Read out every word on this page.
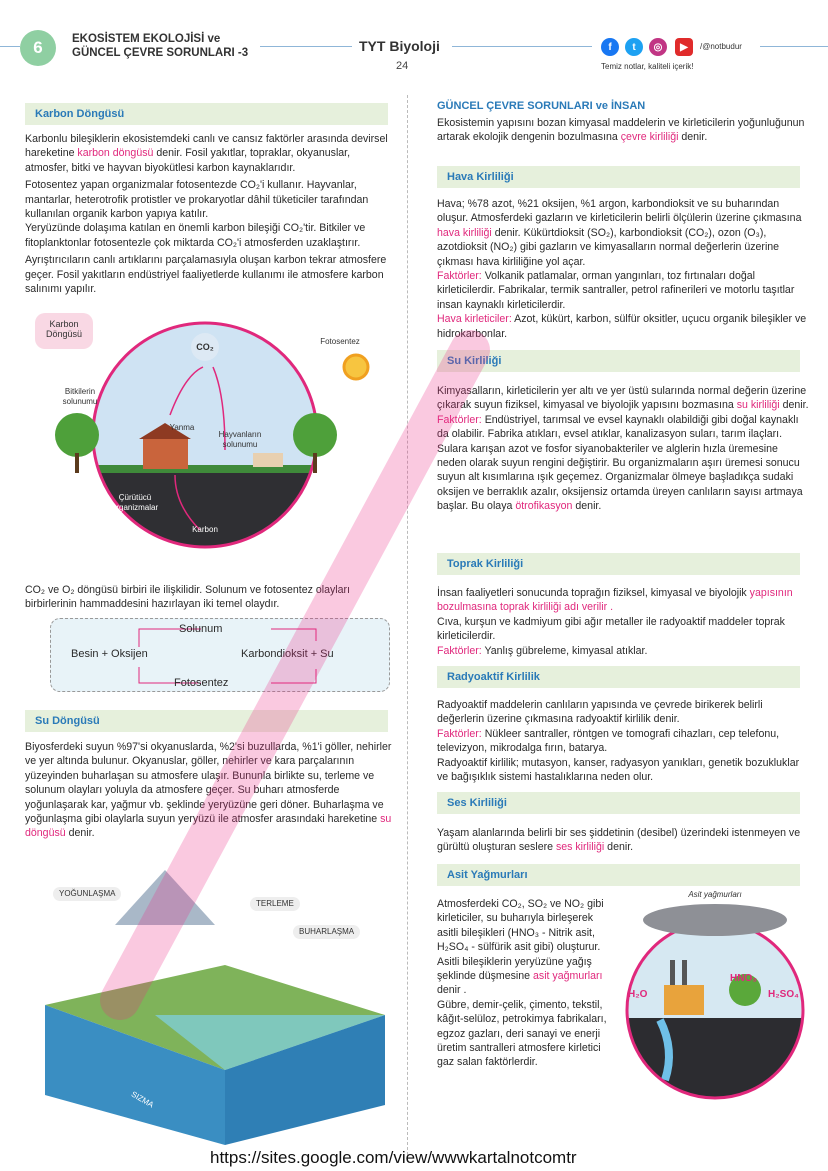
6	EKOSİSTEM EKOLOJİSİ ve
GÜNCEL ÇEVRE SORUNLARI -3	TYT Biyoloji
24
f	t	◎	▶	/@notbudur
Temiz notlar, kaliteli içerik!
Karbon Döngüsü

Karbonlu bileşiklerin ekosistemdeki canlı ve cansız faktörler arasında devirsel hareketine karbon döngüsü denir. Fosil yakıtlar, topraklar, okyanuslar, atmosfer, bitki ve hayvan biyokütlesi karbon kaynaklarıdır.

Fotosentez yapan organizmalar fotosentezde CO₂'i kullanır. Hayvanlar, mantarlar, heterotrofik protistler ve prokaryotlar dâhil tüketiciler tarafından kullanılan organik karbon yapıya katılır.

Yeryüzünde dolaşıma katılan en önemli karbon bileşiği CO₂'tir. Bitkiler ve fitoplanktonlar fotosentezle çok miktarda CO₂'i atmosferden uzaklaştırır.

Ayrıştırıcıların canlı artıklarını parçalamasıyla oluşan karbon tekrar atmosfere geçer. Fosil yakıtların endüstriyel faaliyetlerde kullanımı ile atmosfere karbon salınımı yapılır.

Karbon Döngüsü
CO₂
Fotosentez
Bitkilerin solunumu
Yanma
Hayvanların solunumu
Çürütücü organizmalar
Karbon
CO₂ ve O₂ döngüsü birbiri ile ilişkilidir. Solunum ve fotosentez olayları birbirlerinin hammaddesini hazırlayan iki temel olaydır.
Solunum
Besin + Oksijen	Karbondioksit + Su
Fotosentez
Su Döngüsü
Biyosferdeki suyun %97'si okyanuslarda, %2'si buzullarda, %1'i göller, nehirler ve yer altında bulunur. Okyanuslar, göller, nehirler ve kara parçalarının yüzeyinden buharlaşan su atmosfere ulaşır. Bununla birlikte su, terleme ve solunum olayları yoluyla da atmosfere geçer. Su buharı atmosferde yoğunlaşarak kar, yağmur vb. şeklinde yeryüzüne geri döner. Buharlaşma ve yoğunlaşma gibi olaylarla suyun yeryüzü ile atmosfer arasındaki hareketine su döngüsü denir.
YOĞUNLAŞMA
TERLEME
BUHARLAŞMA
SIZMA
https://sites.google.com/view/wwwkartalnotcomtr
GÜNCEL ÇEVRE SORUNLARI ve İNSAN
Ekosistemin yapısını bozan kimyasal maddelerin ve kirleticilerin yoğunluğunun artarak ekolojik dengenin bozulmasına çevre kirliliği denir.
Hava Kirliliği
Hava; %78 azot, %21 oksijen, %1 argon, karbondioksit ve su buharından oluşur. Atmosferdeki gazların ve kirleticilerin belirli ölçülerin üzerine çıkmasına hava kirliliği denir. Kükürtdioksit (SO₂), karbondioksit (CO₂), ozon (O₃), azotdioksit (NO₂) gibi gazların ve kimyasalların normal değerlerin üzerine çıkması hava kirliliğine yol açar.
Faktörler: Volkanik patlamalar, orman yangınları, toz fırtınaları doğal kirleticilerdir. Fabrikalar, termik santraller, petrol rafinerileri ve motorlu taşıtlar insan kaynaklı kirleticilerdir.
Hava kirleticiler: Azot, kükürt, karbon, sülfür oksitler, uçucu organik bileşikler ve hidrokarbonlar.
Su Kirliliği
Kimyasalların, kirleticilerin yer altı ve yer üstü sularında normal değerin üzerine çıkarak suyun fiziksel, kimyasal ve biyolojik yapısını bozmasına su kirliliği denir.
Faktörler: Endüstriyel, tarımsal ve evsel kaynaklı olabildiği gibi doğal kaynaklı da olabilir. Fabrika atıkları, evsel atıklar, kanalizasyon suları, tarım ilaçları.
Sulara karışan azot ve fosfor siyanobakteriler ve alglerin hızla üremesine neden olarak suyun rengini değiştirir. Bu organizmaların aşırı üremesi sonucu suyun alt kısımlarına ışık geçemez. Organizmalar ölmeye başladıkça sudaki oksijen ve berraklık azalır, oksijensiz ortamda üreyen canlıların sayısı artmaya başlar. Bu olaya ötrofikasyon denir.
Toprak Kirliliği
İnsan faaliyetleri sonucunda toprağın fiziksel, kimyasal ve biyolojik yapısının bozulmasına toprak kirliliği adı verilir .
Cıva, kurşun ve kadmiyum gibi ağır metaller ile radyoaktif maddeler toprak kirleticilerdir.
Faktörler: Yanlış gübreleme, kimyasal atıklar.
Radyoaktif Kirlilik
Radyoaktif maddelerin canlıların yapısında ve çevrede birikerek belirli değerlerin üzerine çıkmasına radyoaktif kirlilik denir.
Faktörler: Nükleer santraller, röntgen ve tomografi cihazları, cep telefonu, televizyon, mikrodalga fırın, batarya.
Radyoaktif kirlilik; mutasyon, kanser, radyasyon yanıkları, genetik bozukluklar ve bağışıklık sistemi hastalıklarına neden olur.
Ses Kirliliği
Yaşam alanlarında belirli bir ses şiddetinin (desibel) üzerindeki istenmeyen ve gürültü oluşturan seslere ses kirliliği denir.
Asit Yağmurları
Atmosferdeki CO₂, SO₂ ve NO₂ gibi kirleticiler, su buharıyla birleşerek asitli bileşikleri (HNO₃ - Nitrik asit, H₂SO₄ - sülfürik asit gibi) oluşturur. Asitli bileşiklerin yeryüzüne yağış şeklinde düşmesine asit yağmurları denir .
Gübre, demir-çelik, çimento, tekstil, kâğıt-selüloz, petrokimya fabrikaları, egzoz gazları, deri sanayi ve enerji üretim santralleri atmosfere kirletici gaz salan faktörlerdir.
Asit yağmurları
H₂O
HNO₃
H₂SO₄
